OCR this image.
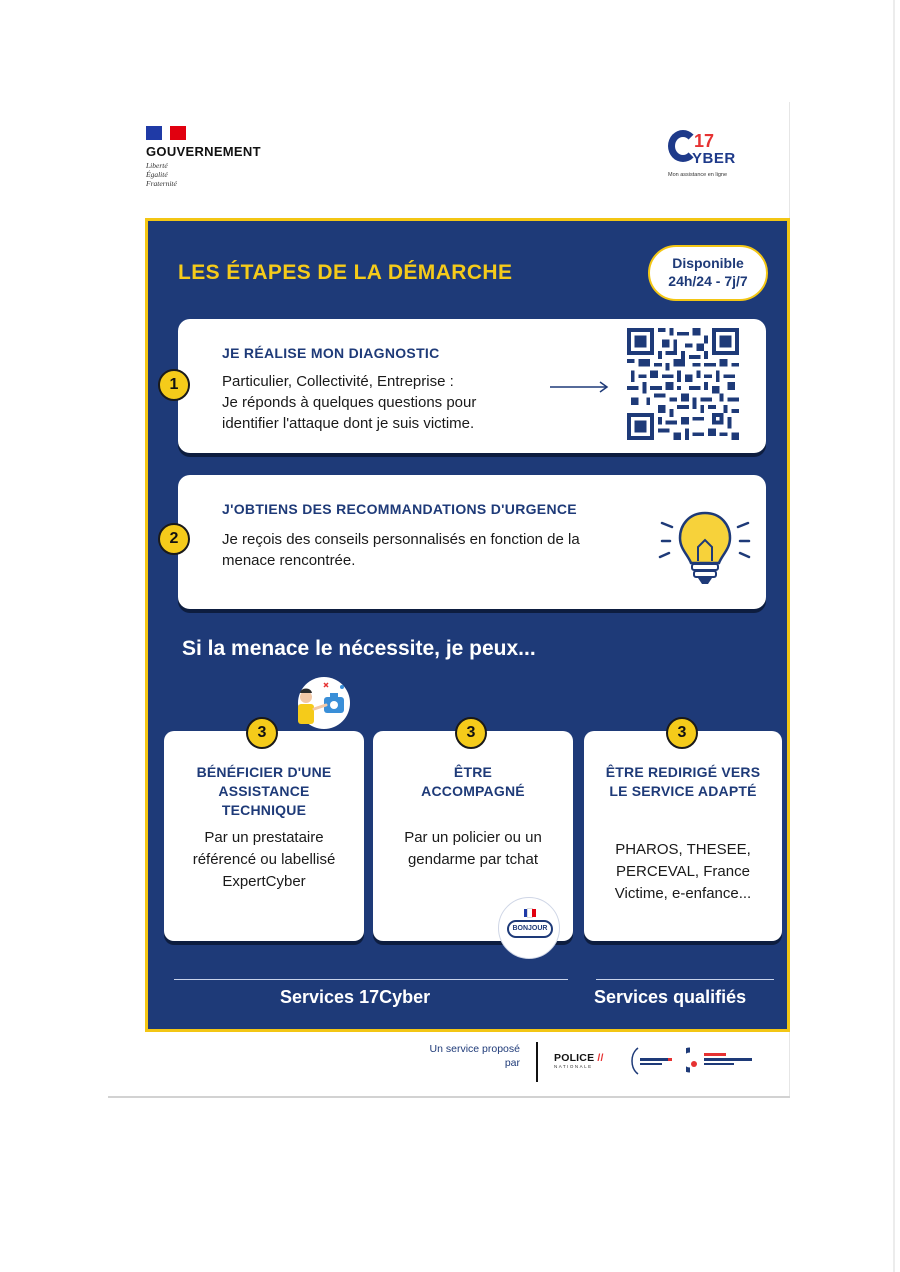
GOUVERNEMENT
Liberté
Égalité
Fraternité
17
YBER
Mon assistance en ligne
LES ÉTAPES DE LA DÉMARCHE	Disponible
24h/24 - 7j/7
1
JE RÉALISE MON DIAGNOSTIC
Particulier, Collectivité, Entreprise :
Je réponds à quelques questions pour
identifier l'attaque dont je suis victime.
2
J'OBTIENS DES RECOMMANDATIONS D'URGENCE
Je reçois des conseils personnalisés en fonction de la
menace rencontrée.
Si la menace le nécessite, je peux...
3
BÉNÉFICIER D'UNE
ASSISTANCE
TECHNIQUE
Par un prestataire
référencé ou labellisé
ExpertCyber
3
ÊTRE
ACCOMPAGNÉ
Par un policier ou un
gendarme par tchat
3
ÊTRE REDIRIGÉ VERS
LE SERVICE ADAPTÉ
PHAROS, THESEE,
PERCEVAL, France
Victime, e-enfance...
BONJOUR
Services 17Cyber	Services qualifiés
Un service proposé
par	POLICE //
NATIONALE
